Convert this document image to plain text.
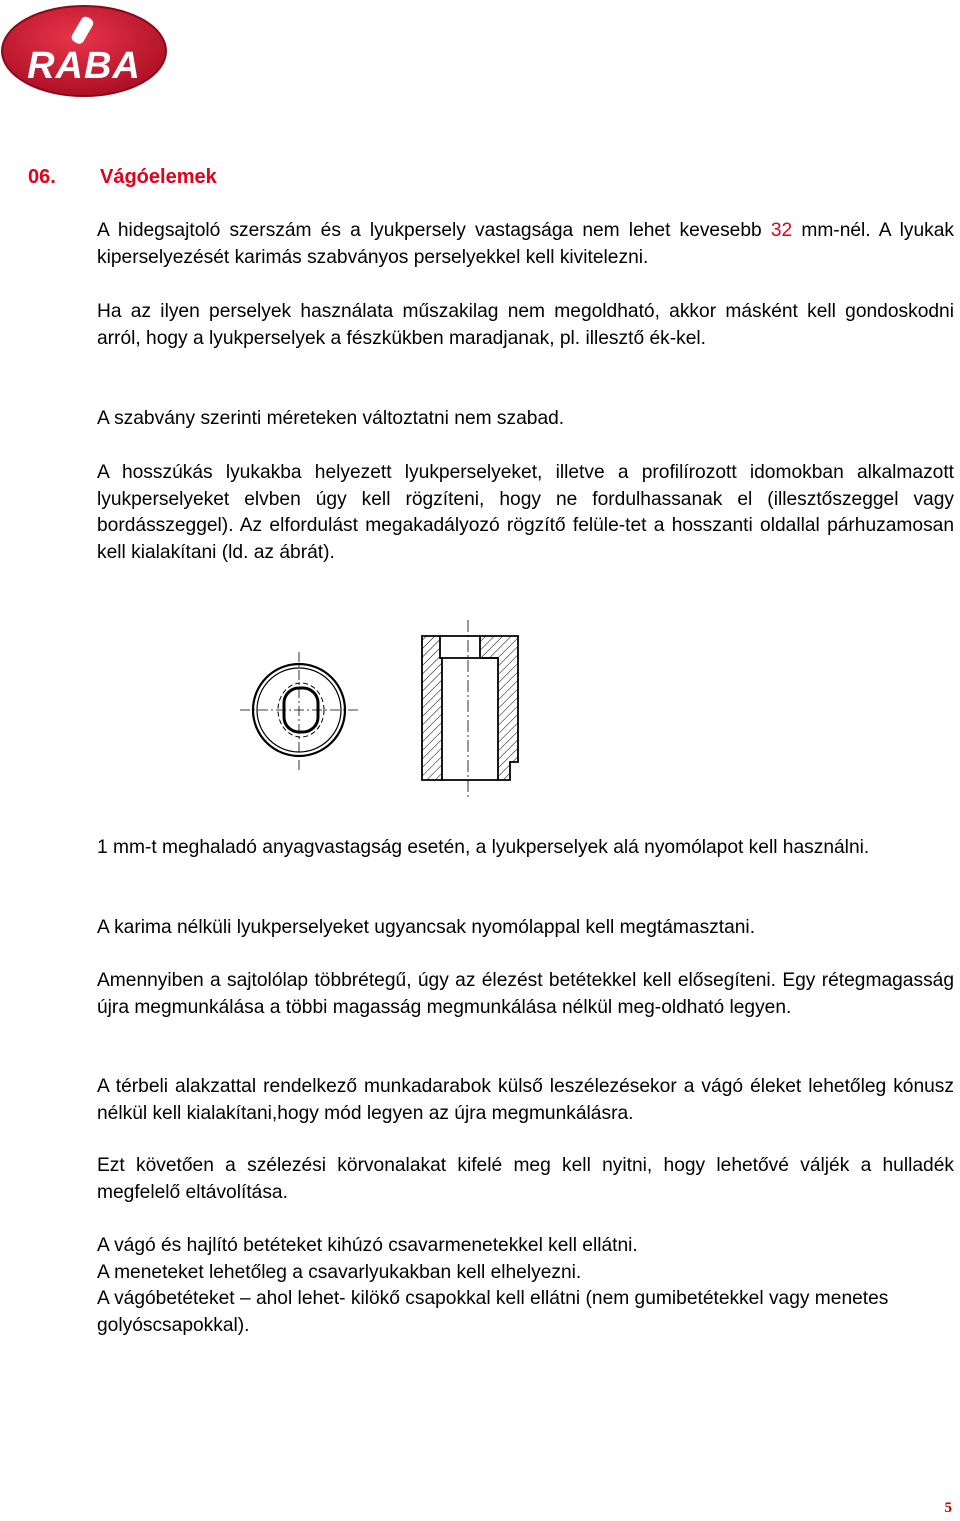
RABA
06. Vágóelemek

A hidegsajtoló szerszám és a lyukpersely vastagsága nem lehet kevesebb 32 mm-nél. A lyukak kiperselyezését karimás szabványos perselyekkel kell kivitelezni.

Ha az ilyen perselyek használata műszakilag nem megoldható, akkor másként kell gondoskodni arról, hogy a lyukperselyek a fészkükben maradjanak, pl. illesztő ék-kel.

A szabvány szerinti méreteken változtatni nem szabad.

A hosszúkás lyukakba helyezett lyukperselyeket, illetve a profilírozott idomokban alkalmazott lyukperselyeket elvben úgy kell rögzíteni, hogy ne fordulhassanak el (illesztőszeggel vagy bordásszeggel). Az elfordulást megakadályozó rögzítő felüle-tet a hosszanti oldallal párhuzamosan kell kialakítani (ld. az ábrát).

1 mm-t meghaladó anyagvastagság esetén, a lyukperselyek alá nyomólapot kell használni.

A karima nélküli lyukperselyeket ugyancsak nyomólappal kell megtámasztani.

Amennyiben a sajtolólap többrétegű, úgy az élezést betétekkel kell elősegíteni. Egy rétegmagasság újra megmunkálása a többi magasság megmunkálása nélkül meg-oldható legyen.

A térbeli alakzattal rendelkező munkadarabok külső leszélezésekor a vágó éleket lehetőleg kónusz nélkül kell kialakítani,hogy mód legyen az újra megmunkálásra.

Ezt követően a szélezési körvonalakat kifelé meg kell nyitni, hogy lehetővé váljék a hulladék megfelelő eltávolítása.

A vágó és hajlító betéteket kihúzó csavarmenetekkel kell ellátni.
A meneteket lehetőleg a csavarlyukakban kell elhelyezni.
A vágóbetéteket – ahol lehet- kilökő csapokkal kell ellátni (nem gumibetétekkel vagy menetes golyóscsapokkal).

5
